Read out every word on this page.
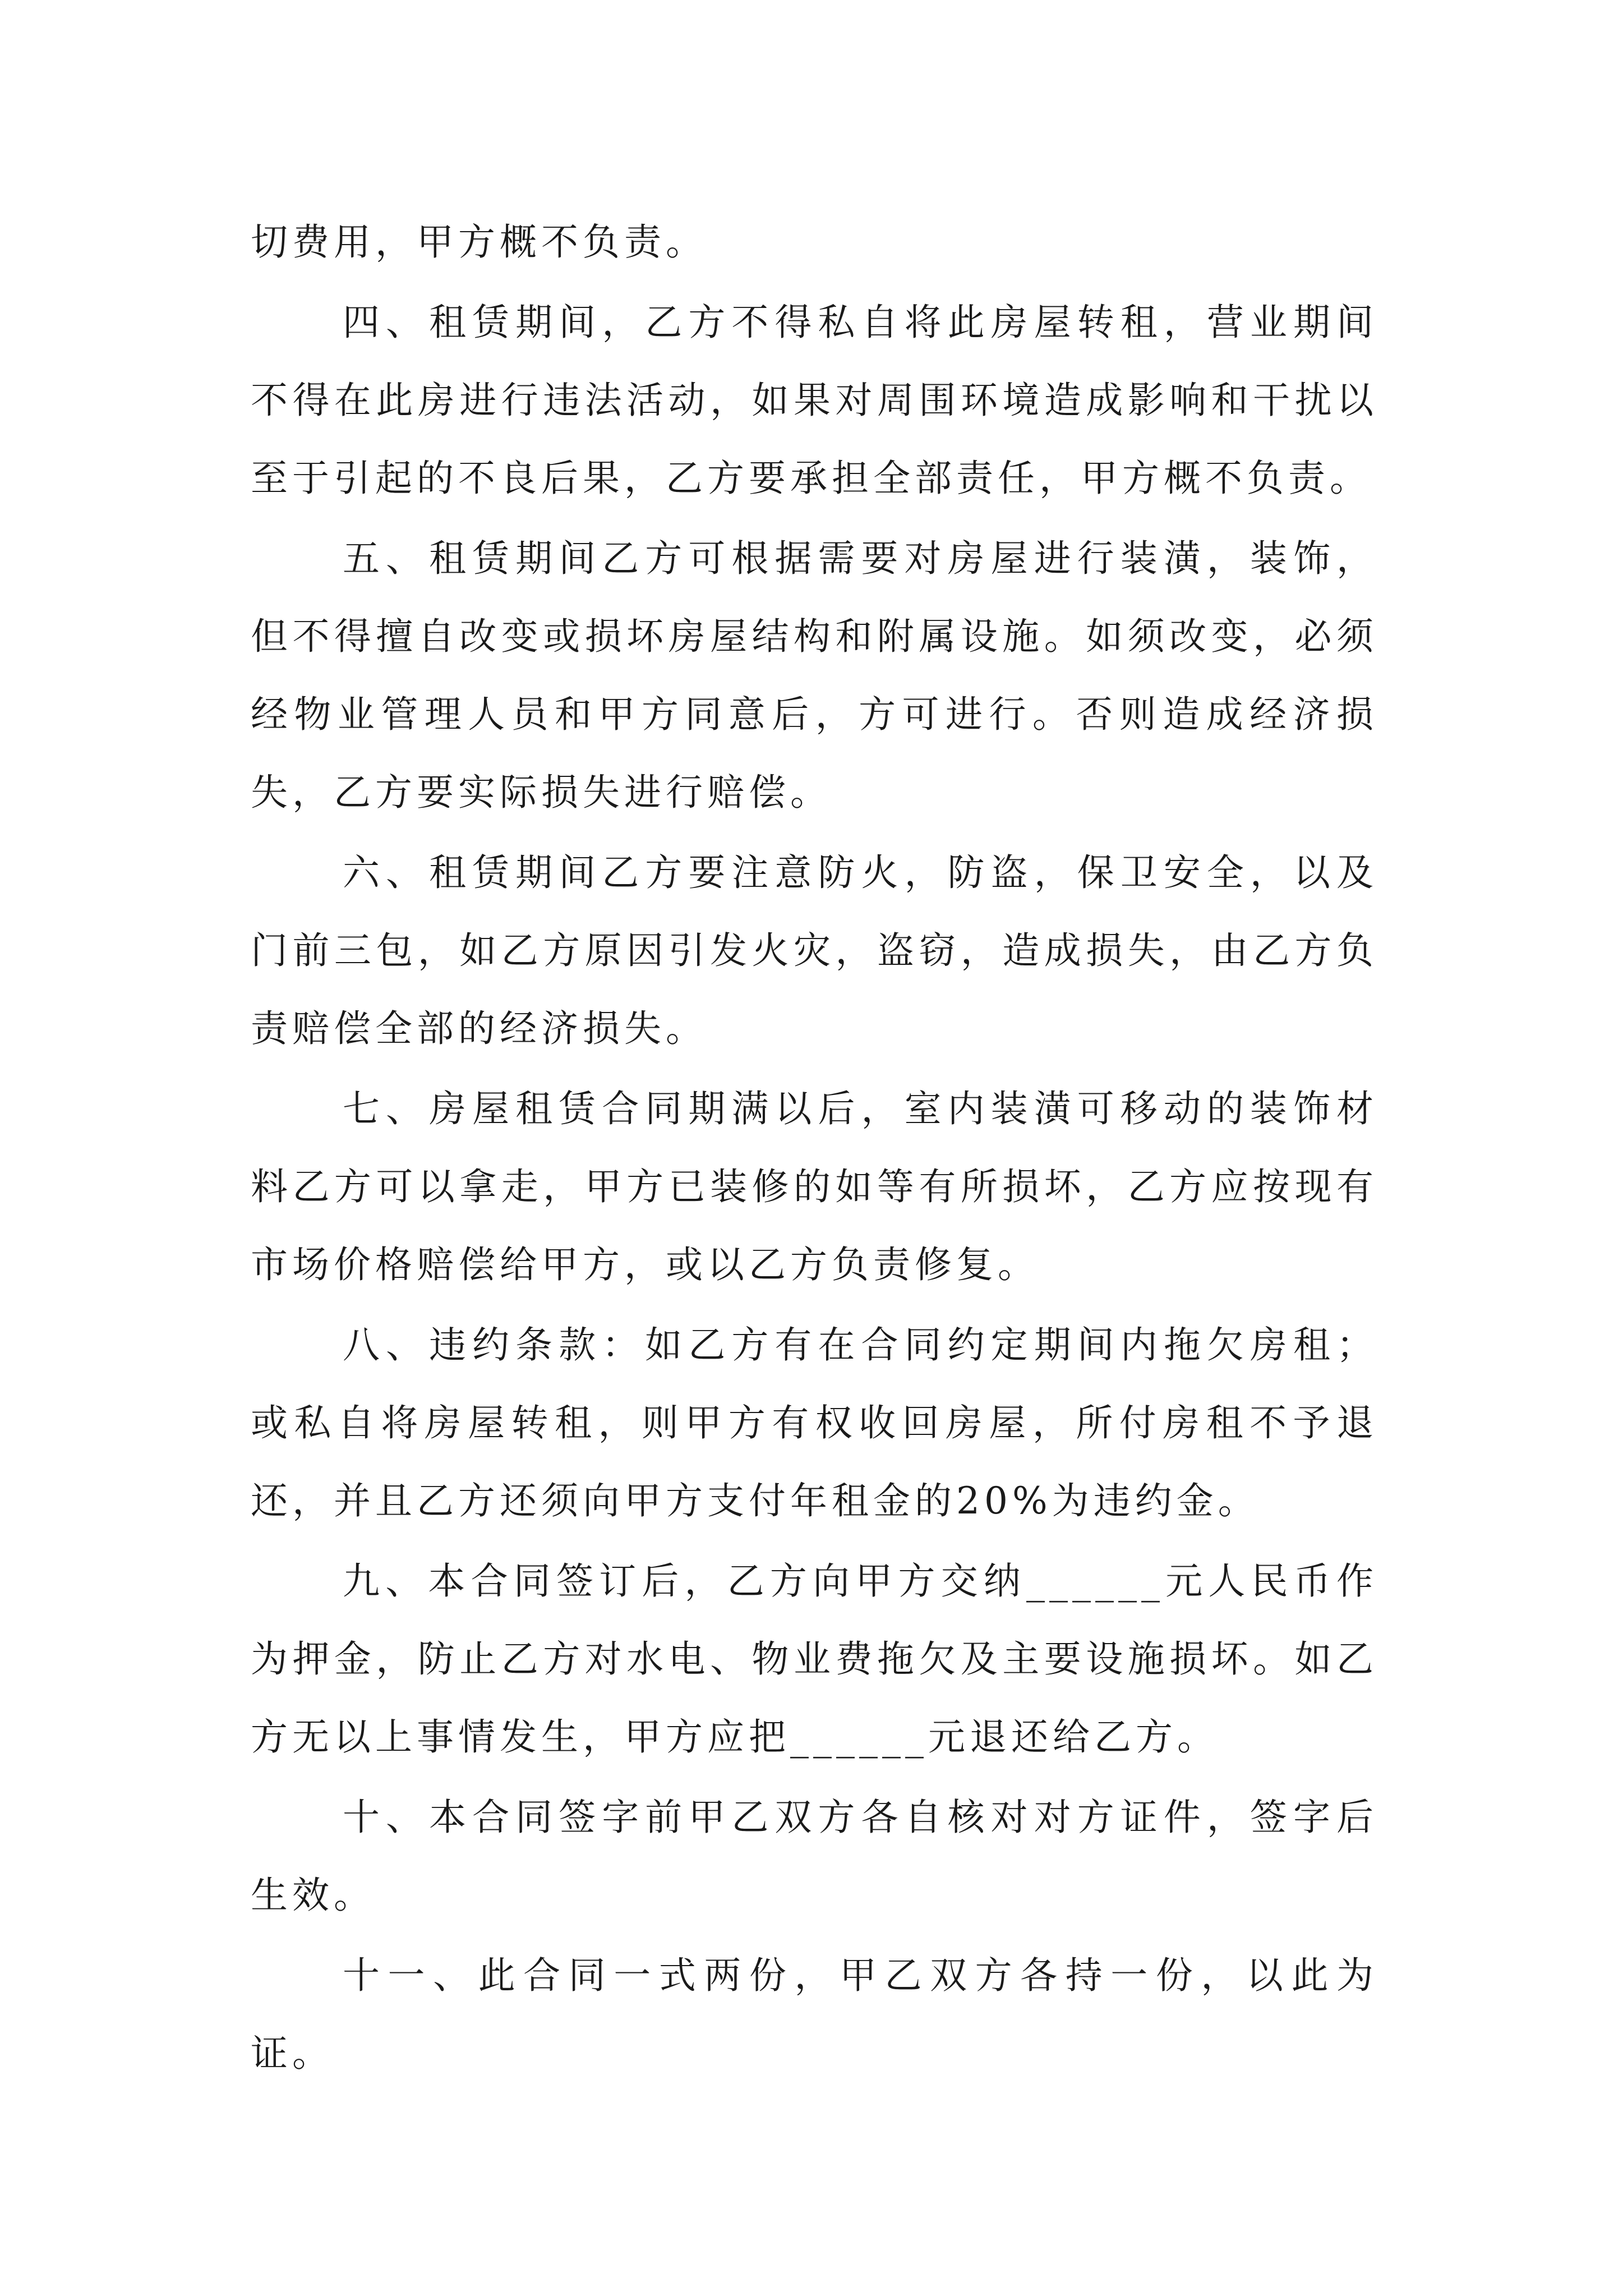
切费用，甲方概不负责。

四、租赁期间，乙方不得私自将此房屋转租，营业期间不得在此房进行违法活动，如果对周围环境造成影响和干扰以至于引起的不良后果，乙方要承担全部责任，甲方概不负责。

五、租赁期间乙方可根据需要对房屋进行装潢，装饰，但不得擅自改变或损坏房屋结构和附属设施。如须改变，必须经物业管理人员和甲方同意后，方可进行。否则造成经济损失，乙方要实际损失进行赔偿。

六、租赁期间乙方要注意防火，防盗，保卫安全，以及门前三包，如乙方原因引发火灾，盗窃，造成损失，由乙方负责赔偿全部的经济损失。

七、房屋租赁合同期满以后，室内装潢可移动的装饰材料乙方可以拿走，甲方已装修的如等有所损坏，乙方应按现有市场价格赔偿给甲方，或以乙方负责修复。

八、违约条款：如乙方有在合同约定期间内拖欠房租；或私自将房屋转租，则甲方有权收回房屋，所付房租不予退还，并且乙方还须向甲方支付年租金的20%为违约金。

九、本合同签订后，乙方向甲方交纳______元人民币作为押金，防止乙方对水电、物业费拖欠及主要设施损坏。如乙方无以上事情发生，甲方应把______元退还给乙方。

十、本合同签字前甲乙双方各自核对对方证件，签字后生效。

十一、此合同一式两份，甲乙双方各持一份，以此为证。
